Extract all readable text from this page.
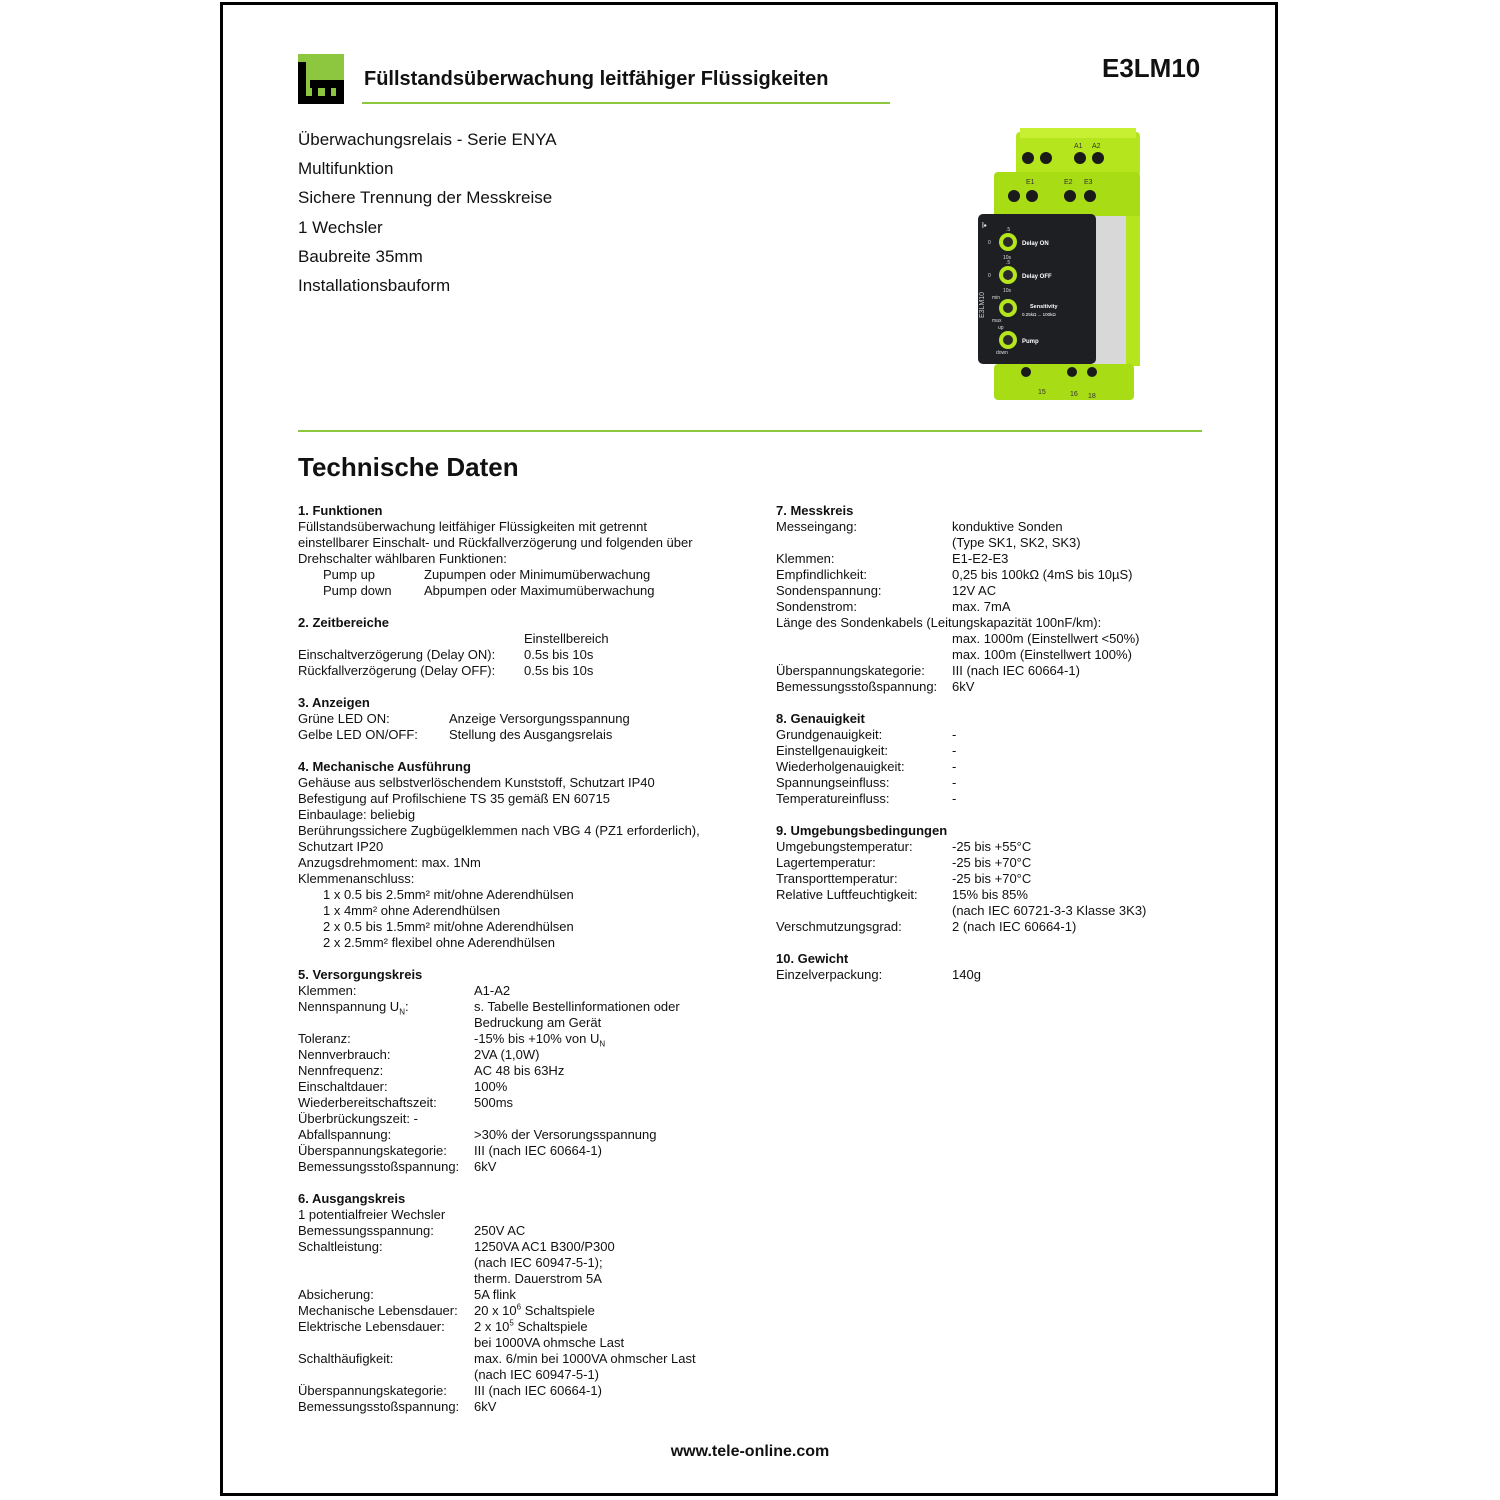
Füllstandsüberwachung leitfähiger Flüssigkeiten	E3LM10
Überwachungsrelais - Serie ENYA
Multifunktion
Sichere Trennung der Messkreise
1 Wechsler
Baubreite 35mm
Installationsbauform
A1 A2
E1	E2 E3
l▪
E3LM10
.5
0
10s
Delay ON
.5
0
10s
Delay OFF
min
max
Sensitivity
0.25kΩ ... 100kΩ
up
down
Pump
15	16 18
Technische Daten
1. Funktionen
Füllstandsüberwachung leitfähiger Flüssigkeiten mit getrennt
einstellbarer Einschalt- und Rückfallverzögerung und folgenden über
Drehschalter wählbaren Funktionen:
Pump up	Zupumpen oder Minimumüberwachung
Pump down Abpumpen oder Maximumüberwachung
2. Zeitbereiche
Einstellbereich
Einschaltverzögerung (Delay ON): 0.5s bis 10s
Rückfallverzögerung (Delay OFF): 0.5s bis 10s
3. Anzeigen
Grüne LED ON:	Anzeige Versorgungsspannung
Gelbe LED ON/OFF: Stellung des Ausgangsrelais
4. Mechanische Ausführung
Gehäuse aus selbstverlöschendem Kunststoff, Schutzart IP40
Befestigung auf Profilschiene TS 35 gemäß EN 60715
Einbaulage: beliebig
Berührungssichere Zugbügelklemmen nach VBG 4 (PZ1 erforderlich),
Schutzart IP20
Anzugsdrehmoment: max. 1Nm
Klemmenanschluss:
1 x 0.5 bis 2.5mm² mit/ohne Aderendhülsen
1 x 4mm² ohne Aderendhülsen
2 x 0.5 bis 1.5mm² mit/ohne Aderendhülsen
2 x 2.5mm² flexibel ohne Aderendhülsen
5. Versorgungskreis
Klemmen:	A1-A2
Nennspannung $U_N$:	s. Tabelle Bestellinformationen oder
Bedruckung am Gerät
Toleranz:	-15% bis +10% von $U_N$
Nennverbrauch:	2VA (1,0W)
Nennfrequenz:	AC 48 bis 63Hz
Einschaltdauer:	100%
Wiederbereitschaftszeit:	500ms
Überbrückungszeit: -
Abfallspannung:	>30% der Versorungsspannung
Überspannungskategorie: III (nach IEC 60664-1)
Bemessungsstoßspannung: 6kV
6. Ausgangskreis
1 potentialfreier Wechsler
Bemessungsspannung:	250V AC
Schaltleistung:	1250VA AC1 B300/P300
(nach IEC 60947-5-1);
therm. Dauerstrom 5A
Absicherung:	5A flink
Mechanische Lebensdauer: 20 x $10^6$ Schaltspiele
Elektrische Lebensdauer: 2 x $10^5$ Schaltspiele
bei 1000VA ohmsche Last
Schalthäufigkeit:	max. 6/min bei 1000VA ohmscher Last
(nach IEC 60947-5-1)
Überspannungskategorie: III (nach IEC 60664-1)
Bemessungsstoßspannung: 6kV
7. Messkreis
Messeingang:	konduktive Sonden
(Type SK1, SK2, SK3)
Klemmen:	E1-E2-E3
Empfindlichkeit:	0,25 bis 100kΩ (4mS bis 10µS)
Sondenspannung:	12V AC
Sondenstrom:	max. 7mA
Länge des Sondenkabels (Leitungskapazität 100nF/km):
max. 1000m (Einstellwert <50%)
max. 100m (Einstellwert 100%)
Überspannungskategorie: III (nach IEC 60664-1)
Bemessungsstoßspannung: 6kV
8. Genauigkeit
Grundgenauigkeit:	-
Einstellgenauigkeit:	-
Wiederholgenauigkeit:	-
Spannungseinfluss:	-
Temperatureinfluss:	-
9. Umgebungsbedingungen
Umgebungstemperatur:	-25 bis +55°C
Lagertemperatur:	-25 bis +70°C
Transporttemperatur:	-25 bis +70°C
Relative Luftfeuchtigkeit:	15% bis 85%
(nach IEC 60721-3-3 Klasse 3K3)
Verschmutzungsgrad:	2 (nach IEC 60664-1)
10. Gewicht
Einzelverpackung:	140g
www.tele-online.com
